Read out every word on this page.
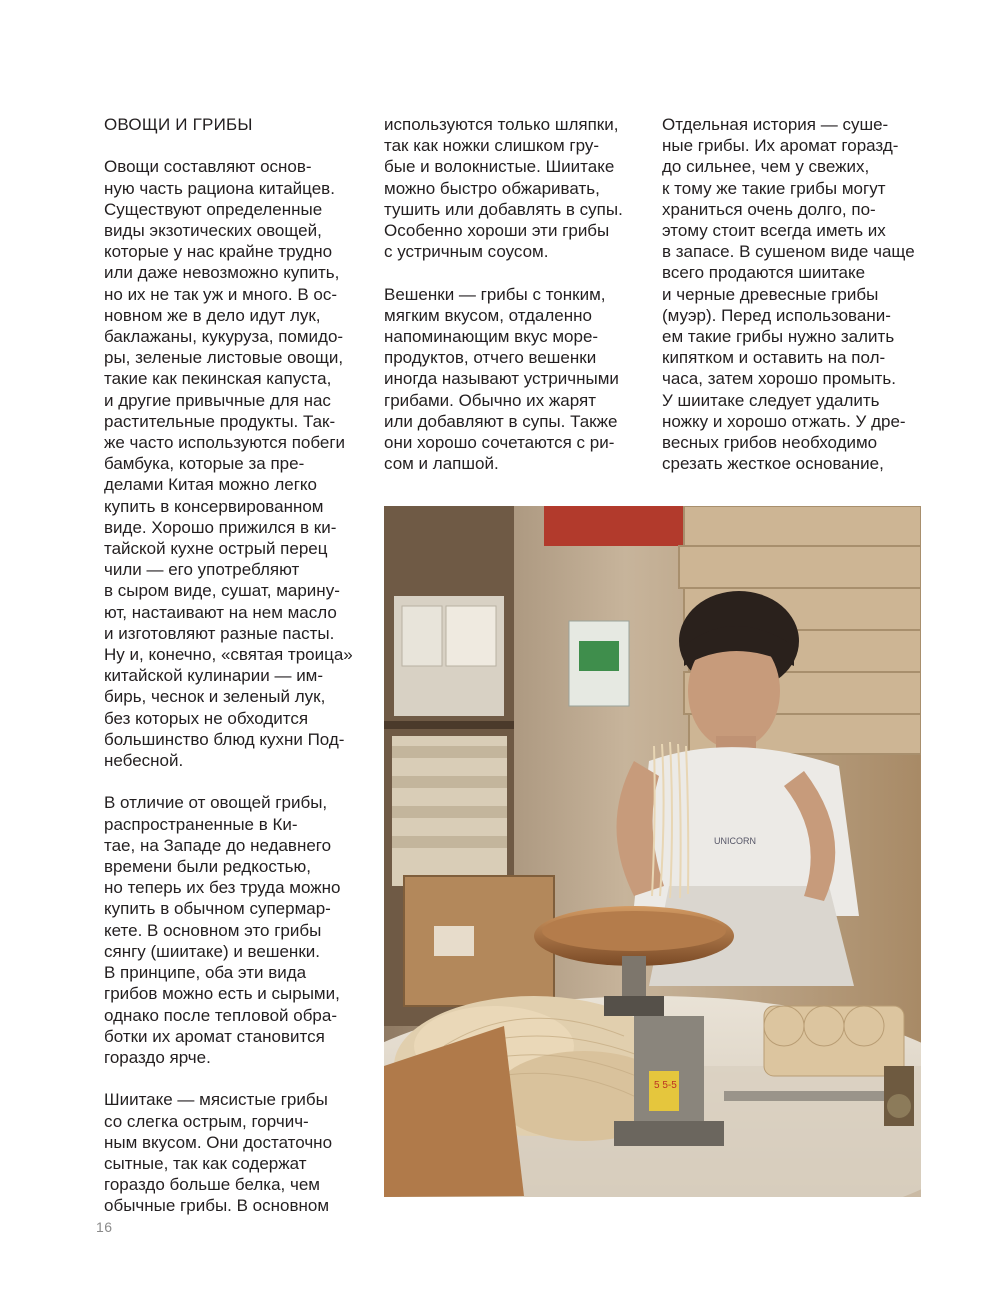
ОВОЩИ И ГРИБЫ
Овощи составляют основ-
ную часть рациона китайцев.
Существуют определенные
виды экзотических овощей,
которые у нас крайне трудно
или даже невозможно купить,
но их не так уж и много. В ос-
новном же в дело идут лук,
баклажаны, кукуруза, помидо-
ры, зеленые листовые овощи,
такие как пекинская капуста,
и другие привычные для нас
растительные продукты. Так-
же часто используются побеги
бамбука, которые за пре-
делами Китая можно легко
купить в консервированном
виде. Хорошо прижился в ки-
тайской кухне острый перец
чили — его употребляют
в сыром виде, сушат, марину-
ют, настаивают на нем масло
и изготовляют разные пасты.
Ну и, конечно, «святая троица»
китайской кулинарии — им-
бирь, чеснок и зеленый лук,
без которых не обходится
большинство блюд кухни Под-
небесной.
В отличие от овощей грибы,
распространенные в Ки-
тае, на Западе до недавнего
времени были редкостью,
но теперь их без труда можно
купить в обычном супермар-
кете. В основном это грибы
сянгу (шиитаке) и вешенки.
В принципе, оба эти вида
грибов можно есть и сырыми,
однако после тепловой обра-
ботки их аромат становится
гораздо ярче.
Шиитаке — мясистые грибы
со слегка острым, горчич-
ным вкусом. Они достаточно
сытные, так как содержат
гораздо больше белка, чем
обычные грибы. В основном
используются только шляпки,
так как ножки слишком гру-
бые и волокнистые. Шиитаке
можно быстро обжаривать,
тушить или добавлять в супы.
Особенно хороши эти грибы
с устричным соусом.
Вешенки — грибы с тонким,
мягким вкусом, отдаленно
напоминающим вкус море-
продуктов, отчего вешенки
иногда называют устричными
грибами. Обычно их жарят
или добавляют в супы. Также
они хорошо сочетаются с ри-
сом и лапшой.
Отдельная история — суше-
ные грибы. Их аромат горазд-
до сильнее, чем у свежих,
к тому же такие грибы могут
храниться очень долго, по-
этому стоит всегда иметь их
в запасе. В сушеном виде чаще
всего продаются шиитаке
и черные древесные грибы
(муэр). Перед использовани-
ем такие грибы нужно залить
кипятком и оставить на пол-
часа, затем хорошо промыть.
У шиитаке следует удалить
ножку и хорошо отжать. У дре-
весных грибов необходимо
срезать жесткое основание,
UNICORN
5 5-5
16
